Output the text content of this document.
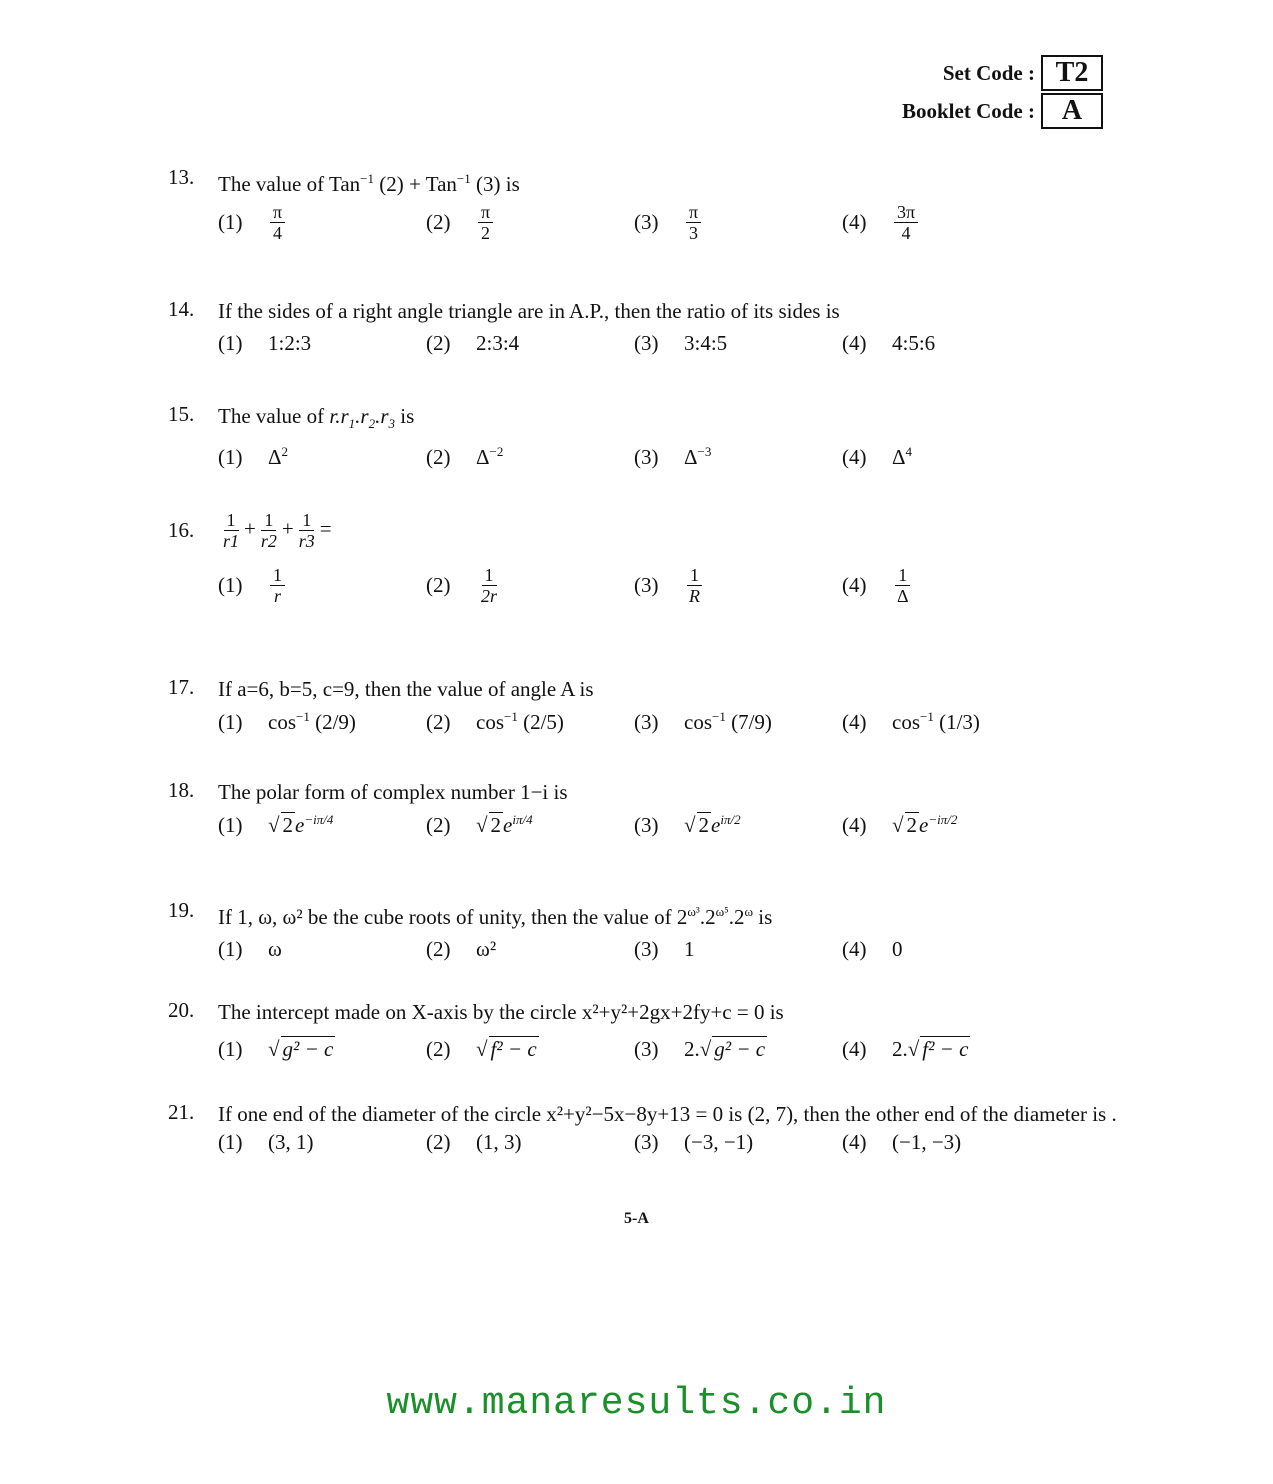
Set Code : T2
Booklet Code : A
13.	The value of Tan$^{-1}$ (2) + Tan$^{-1}$ (3) is
(1)	$\frac{\pi}{4}$	(2)	$\frac{\pi}{2}$	(3)	$\frac{\pi}{3}$	(4)	$\frac{3\pi}{4}$
14.	If the sides of a right angle triangle are in A.P., then the ratio of its sides is
(1)	1:2:3	(2)	2:3:4	(3)	3:4:5	(4)	4:5:6
15.	The value of $r.r_1.r_2.r_3$ is
(1)	$\Delta^2$	(2)	$\Delta^{-2}$	(3)	$\Delta^{-3}$	(4)	$\Delta^4$
16.	$\frac{1}{r1} + \frac{1}{r2} + \frac{1}{r3}$ =
(1)	$\frac{1}{r}$	(2)	$\frac{1}{2r}$	(3)	$\frac{1}{R}$	(4)	$\frac{1}{\Delta}$
17.	If a=6, b=5, c=9, then the value of angle A is
(1)	$\cos^{-1} (2/9)$	(2)	$\cos^{-1} (2/5)$	(3)	$\cos^{-1} (7/9)$	(4)	$\cos^{-1} (1/3)$
18.	The polar form of complex number 1−i is
(1)	√ $2e^{-i\pi/4}$	(2)	√ $2e^{i\pi/4}$	(3)	√ $2e^{i\pi/2}$	(4)	√ $2e^{-i\pi/2}$
19.	If 1, ω, ω² be the cube roots of unity, then the value of $2^{\omega^3}.2^{\omega^5}.2^\omega$ is
(1)	ω	(2)	ω²	(3)	1	(4)	0
20.	The intercept made on X-axis by the circle x²+y²+2gx+2fy+c = 0 is
(1)	√ g² − c	(2)	√ f² − c	(3)	2.√ g² − c	(4)	2.√ f² − c
21.	If one end of the diameter of the circle x²+y²−5x−8y+13 = 0 is (2, 7), then the other end of the diameter is .
(1)	(3, 1)	(2)	(1, 3)	(3)	(−3, −1)	(4)	(−1, −3)
5-A
www.manaresults.co.in
